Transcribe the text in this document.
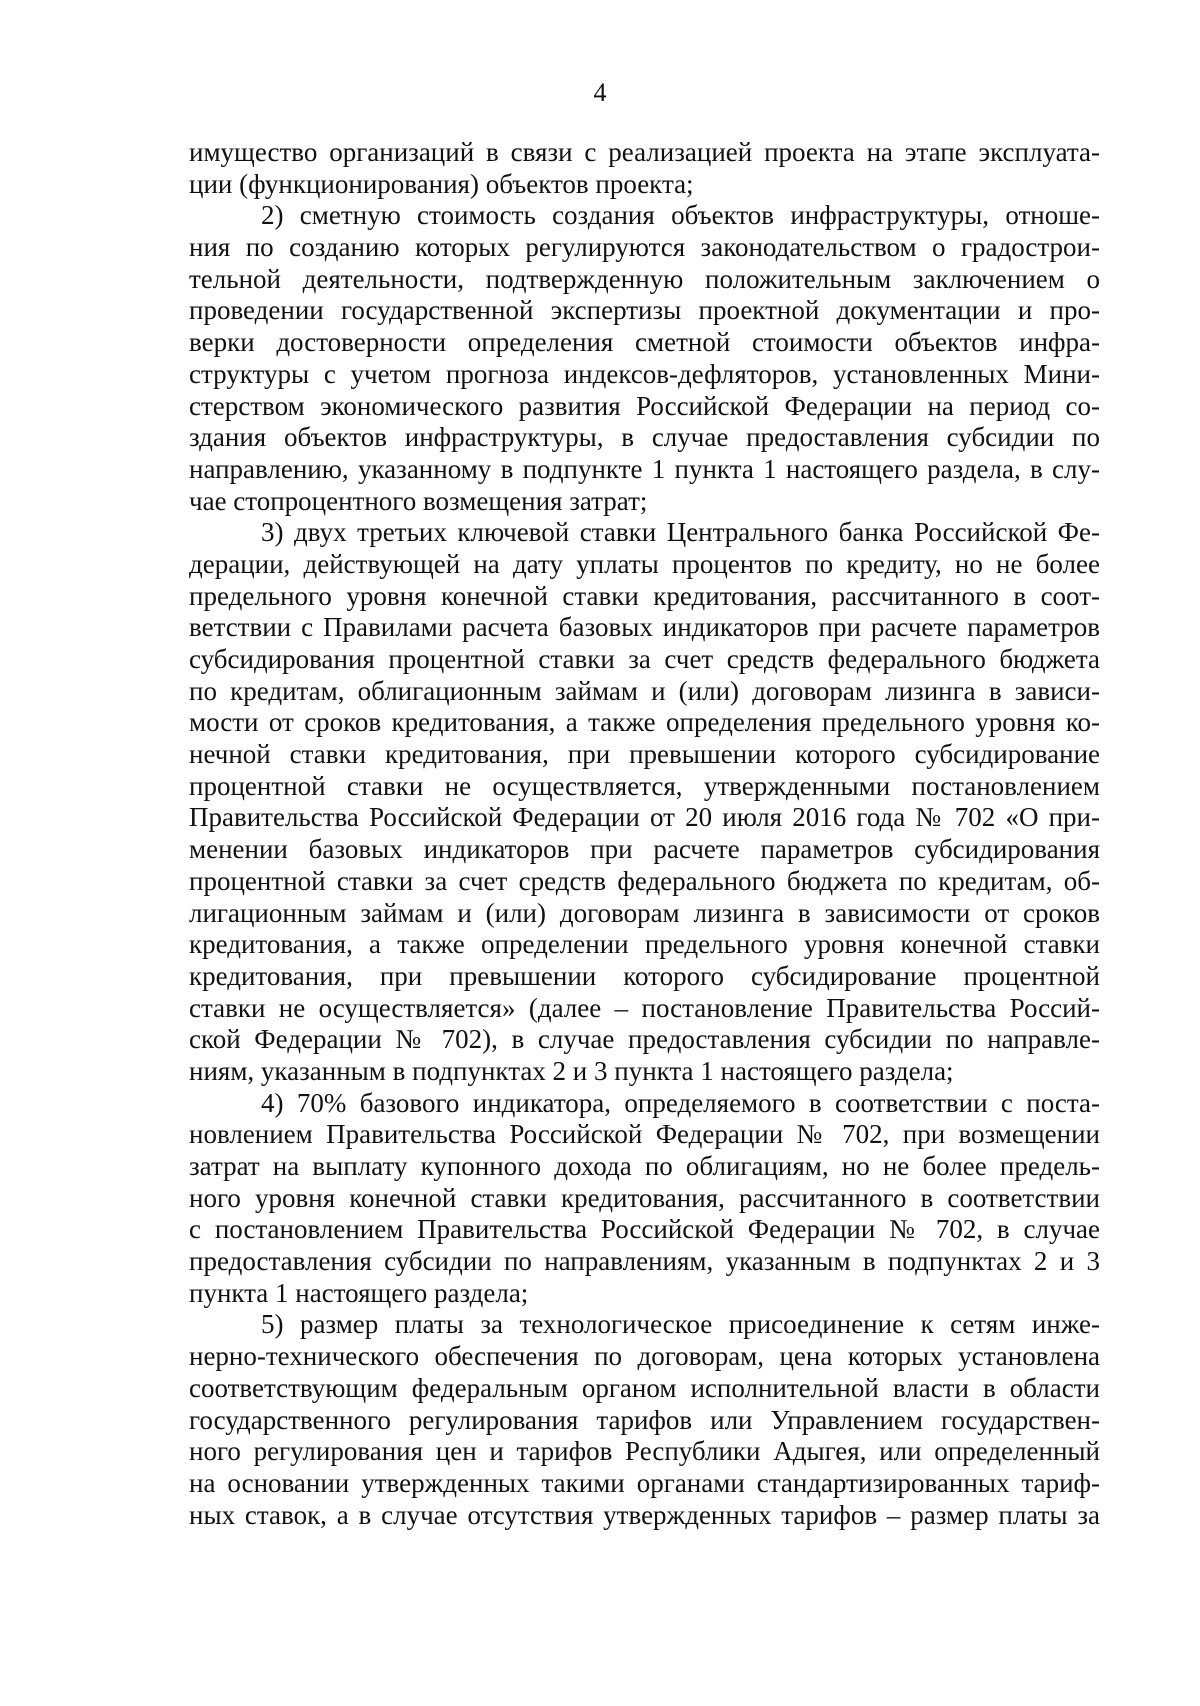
4
имущество организаций в связи с реализацией проекта на этапе эксплуата-
ции (функционирования) объектов проекта;
2) сметную стоимость создания объектов инфраструктуры, отноше-
ния по созданию которых регулируются законодательством о градострои-
тельной деятельности, подтвержденную положительным заключением о
проведении государственной экспертизы проектной документации и про-
верки достоверности определения сметной стоимости объектов инфра-
структуры с учетом прогноза индексов-дефляторов, установленных Мини-
стерством экономического развития Российской Федерации на период со-
здания объектов инфраструктуры, в случае предоставления субсидии по
направлению, указанному в подпункте 1 пункта 1 настоящего раздела, в слу-
чае стопроцентного возмещения затрат;
3) двух третьих ключевой ставки Центрального банка Российской Фе-
дерации, действующей на дату уплаты процентов по кредиту, но не более
предельного уровня конечной ставки кредитования, рассчитанного в соот-
ветствии с Правилами расчета базовых индикаторов при расчете параметров
субсидирования процентной ставки за счет средств федерального бюджета
по кредитам, облигационным займам и (или) договорам лизинга в зависи-
мости от сроков кредитования, а также определения предельного уровня ко-
нечной ставки кредитования, при превышении которого субсидирование
процентной ставки не осуществляется, утвержденными постановлением
Правительства Российской Федерации от 20 июля 2016 года № 702 «О при-
менении базовых индикаторов при расчете параметров субсидирования
процентной ставки за счет средств федерального бюджета по кредитам, об-
лигационным займам и (или) договорам лизинга в зависимости от сроков
кредитования, а также определении предельного уровня конечной ставки
кредитования, при превышении которого субсидирование процентной
ставки не осуществляется» (далее – постановление Правительства Россий-
ской Федерации № 702), в случае предоставления субсидии по направле-
ниям, указанным в подпунктах 2 и 3 пункта 1 настоящего раздела;
4) 70% базового индикатора, определяемого в соответствии с поста-
новлением Правительства Российской Федерации № 702, при возмещении
затрат на выплату купонного дохода по облигациям, но не более предель-
ного уровня конечной ставки кредитования, рассчитанного в соответствии
с постановлением Правительства Российской Федерации № 702, в случае
предоставления субсидии по направлениям, указанным в подпунктах 2 и 3
пункта 1 настоящего раздела;
5) размер платы за технологическое присоединение к сетям инже-
нерно-технического обеспечения по договорам, цена которых установлена
соответствующим федеральным органом исполнительной власти в области
государственного регулирования тарифов или Управлением государствен-
ного регулирования цен и тарифов Республики Адыгея, или определенный
на основании утвержденных такими органами стандартизированных тариф-
ных ставок, а в случае отсутствия утвержденных тарифов – размер платы за
